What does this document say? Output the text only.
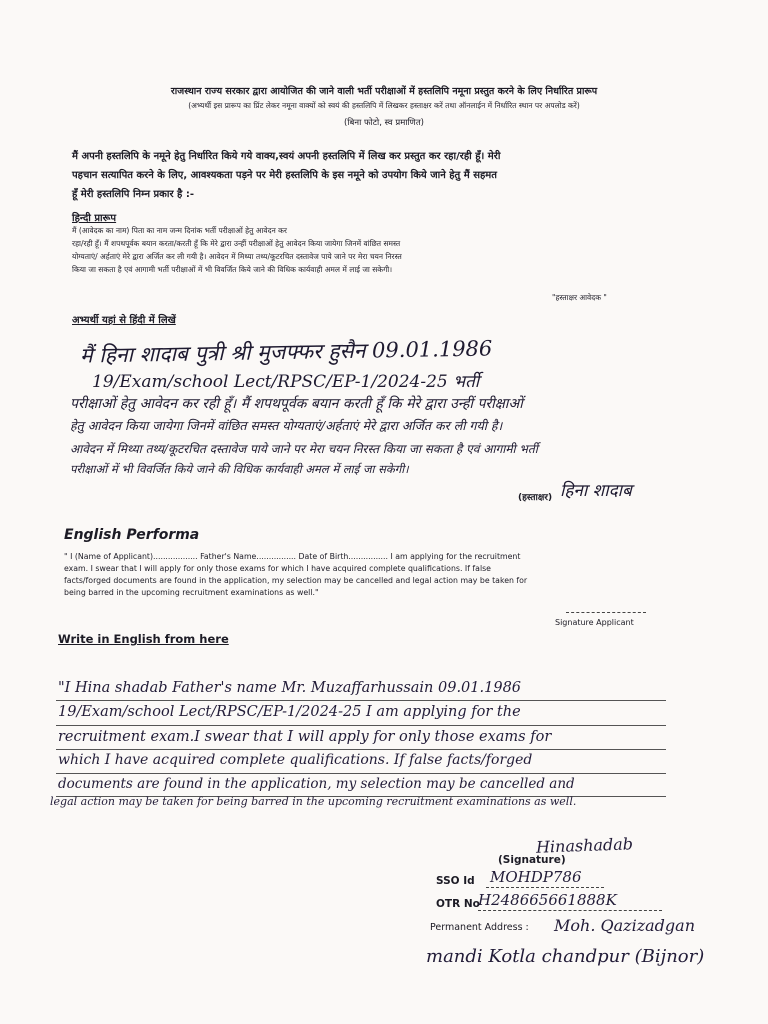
राजस्थान राज्य सरकार द्वारा आयोजित की जाने वाली भर्ती परीक्षाओं में हस्तलिपि नमूना प्रस्तुत करने के लिए निर्धारित प्रारूप
(अभ्यर्थी इस प्रारूप का प्रिंट लेकर नमूना वाक्यों को स्वयं की हस्तलिपि में लिखकर हस्ताक्षर करें तथा ऑनलाईन में निर्धारित स्थान पर अपलोड करें)
(बिना फोटो, स्व प्रमाणित)
मैं अपनी हस्तलिपि के नमूने हेतु निर्धारित किये गये वाक्य,स्वयं अपनी हस्तलिपि में लिख कर प्रस्तुत कर रहा/रही हूँ। मेरी
पहचान सत्यापित करने के लिए, आवश्यकता पड़ने पर मेरी हस्तलिपि के इस नमूने को उपयोग किये जाने हेतु मैं सहमत
हूँ मेरी हस्तलिपि निम्न प्रकार है :-
हिन्दी प्रारूप
मैं (आवेदक का नाम) पिता का नाम जन्म दिनांक भर्ती परीक्षाओं हेतु आवेदन कर
रहा/रही हूँ। मैं शपथपूर्वक बयान करता/करती हूँ कि मेरे द्वारा उन्हीं परीक्षाओं हेतु आवेदन किया जायेगा जिनमें वांछित समस्त
योग्यताएं/ अर्हताएं मेरे द्वारा अर्जित कर ली गयी है। आवेदन में मिथ्या तथ्य/कूटरचित दस्तावेज पाये जाने पर मेरा चयन निरस्त
किया जा सकता है एवं आगामी भर्ती परीक्षाओं में भी विवर्जित किये जाने की विधिक कार्यवाही अमल में लाई जा सकेगी।
"हस्ताक्षर आवेदक "
अभ्यर्थी यहां से हिंदी में लिखें
मैं हिना शादाब पुत्री श्री मुजफ्फर हुसैन 09.01.1986
19/Exam/school Lect/RPSC/EP-1/2024-25 भर्ती
परीक्षाओं हेतु आवेदन कर रही हूँ। मैं शपथपूर्वक बयान करती हूँ कि मेरे द्वारा उन्हीं परीक्षाओं
हेतु आवेदन किया जायेगा जिनमें वांछित समस्त योग्यताएं/अर्हताएं मेरे द्वारा अर्जित कर ली गयी है।
आवेदन में मिथ्या तथ्य/कूटरचित दस्तावेज पाये जाने पर मेरा चयन निरस्त किया जा सकता है एवं आगामी भर्ती
परीक्षाओं में भी विवर्जित किये जाने की विधिक कार्यवाही अमल में लाई जा सकेगी।
हिना शादाब
(हस्ताक्षर)
English Performa
" I (Name of Applicant).................. Father's Name................ Date of Birth................ I am applying for the recruitment
exam. I swear that I will apply for only those exams for which I have acquired complete qualifications. If false
facts/forged documents are found in the application, my selection may be cancelled and legal action may be taken for
being barred in the upcoming recruitment examinations as well."
Signature Applicant
Write in English from here
"I Hina shadab Father's name Mr. Muzaffarhussain 09.01.1986
19/Exam/school Lect/RPSC/EP-1/2024-25 I am applying for the
recruitment exam.I swear that I will apply for only those exams for
which I have acquired complete qualifications. If false facts/forged
documents are found in the application, my selection may be cancelled and
legal action may be taken for being barred in the upcoming recruitment examinations as well.
Hinashadab
(Signature)
SSO Id MOHDP786
OTR No
H248665661888K
Permanent Address : Moh. Qazizadgan
mandi Kotla chandpur (Bijnor)
